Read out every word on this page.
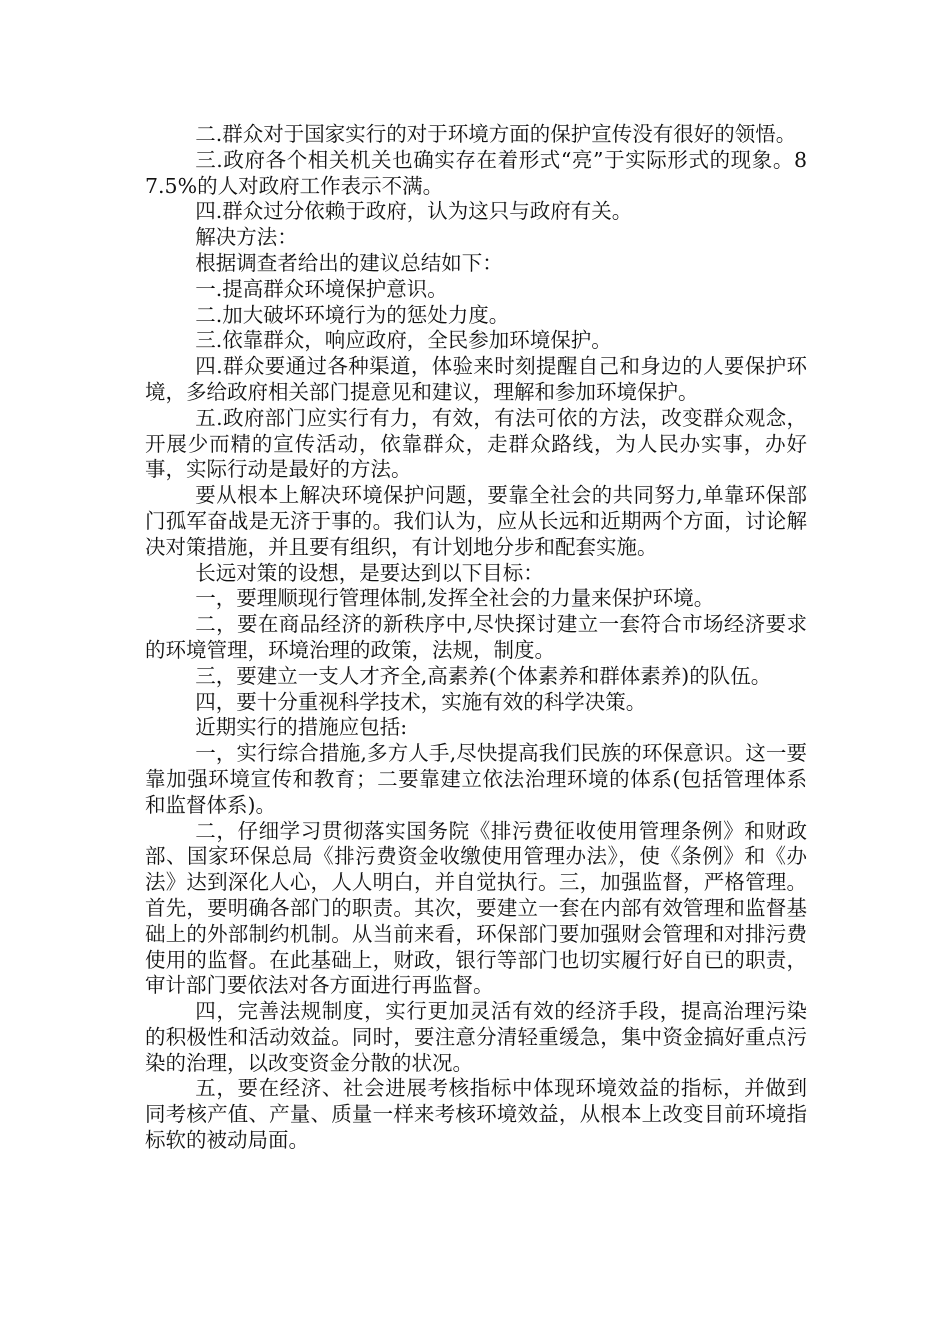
二.群众对于国家实行的对于环境方面的保护宣传没有很好的领悟。

三.政府各个相关机关也确实存在着形式“亮”于实际形式的现象。87.5%的人对政府工作表示不满。

四.群众过分依赖于政府，认为这只与政府有关。

解决方法：

根据调查者给出的建议总结如下：

一.提高群众环境保护意识。

二.加大破坏环境行为的惩处力度。

三.依靠群众，响应政府，全民参加环境保护。

四.群众要通过各种渠道，体验来时刻提醒自己和身边的人要保护环境，多给政府相关部门提意见和建议，理解和参加环境保护。

五.政府部门应实行有力，有效，有法可依的方法，改变群众观念，开展少而精的宣传活动，依靠群众，走群众路线，为人民办实事，办好事，实际行动是最好的方法。

要从根本上解决环境保护问题，要靠全社会的共同努力,单靠环保部门孤军奋战是无济于事的。我们认为，应从长远和近期两个方面，讨论解决对策措施，并且要有组织，有计划地分步和配套实施。

长远对策的设想，是要达到以下目标：

一，要理顺现行管理体制,发挥全社会的力量来保护环境。

二，要在商品经济的新秩序中,尽快探讨建立一套符合市场经济要求的环境管理，环境治理的政策，法规，制度。

三，要建立一支人才齐全,高素养(个体素养和群体素养)的队伍。

四，要十分重视科学技术，实施有效的科学决策。

近期实行的措施应包括:

一，实行综合措施,多方人手,尽快提高我们民族的环保意识。这一要靠加强环境宣传和教育；二要靠建立依法治理环境的体系(包括管理体系和监督体系)。

二，仔细学习贯彻落实国务院《排污费征收使用管理条例》和财政部、国家环保总局《排污费资金收缴使用管理办法》，使《条例》和《办法》达到深化人心，人人明白，并自觉执行。三，加强监督，严格管理。首先，要明确各部门的职责。其次，要建立一套在内部有效管理和监督基础上的外部制约机制。从当前来看，环保部门要加强财会管理和对排污费使用的监督。在此基础上，财政，银行等部门也切实履行好自已的职责，审计部门要依法对各方面进行再监督。

四，完善法规制度，实行更加灵活有效的经济手段，提高治理污染的积极性和活动效益。同时，要注意分清轻重缓急，集中资金搞好重点污染的治理，以改变资金分散的状况。

五，要在经济、社会进展考核指标中体现环境效益的指标，并做到同考核产值、产量、质量一样来考核环境效益，从根本上改变目前环境指标软的被动局面。
